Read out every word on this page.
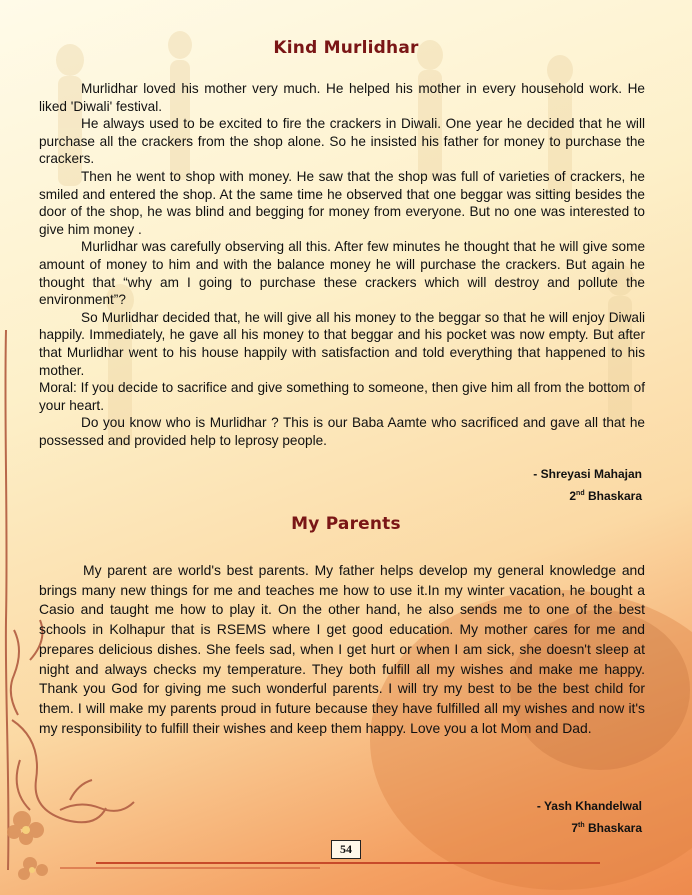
Kind Murlidhar

Murlidhar loved his mother very much. He helped his mother in every household work. He liked 'Diwali' festival.

He always used to be excited to fire the crackers in Diwali. One year he decided that he will purchase all the crackers from the shop alone. So he insisted his father for money to purchase the crackers.

Then he went to shop with money. He saw that the shop was full of varieties of crackers, he smiled and entered the shop. At the same time he observed that one beggar was sitting besides the door of the shop, he was blind and begging for money from everyone. But no one was interested to give him money .

Murlidhar was carefully observing all this. After few minutes he thought that he will give some amount of money to him and with the balance money he will purchase the crackers. But again he thought that “why am I going to purchase these crackers which will destroy and pollute the environment”?

So Murlidhar decided that, he will give all his money to the beggar so that he will enjoy Diwali happily. Immediately, he gave all his money to that beggar and his pocket was now empty. But after that Murlidhar went to his house happily with satisfaction and told everything that happened to his mother.

Moral: If you decide to sacrifice and give something to someone, then give him all from the bottom of your heart.

Do you know who is Murlidhar ? This is our Baba Aamte who sacrificed and gave all that he possessed and provided help to leprosy people.

- Shreyasi Mahajan
2nd Bhaskara
My Parents

My parent are world's best parents. My father helps develop my general knowledge and brings many new things for me and teaches me how to use it.In my winter vacation, he bought a Casio and taught me how to play it. On the other hand, he also sends me to one of the best schools in Kolhapur that is RSEMS where I get good education. My mother cares for me and prepares delicious dishes. She feels sad, when I get hurt or when I am sick, she doesn't sleep at night and always checks my temperature. They both fulfill all my wishes and make me happy. Thank you God for giving me such wonderful parents. I will try my best to be the best child for them. I will make my parents proud in future because they have fulfilled all my wishes and now it's my responsibility to fulfill their wishes and keep them happy. Love you a lot Mom and Dad.

- Yash Khandelwal
7th Bhaskara
54
